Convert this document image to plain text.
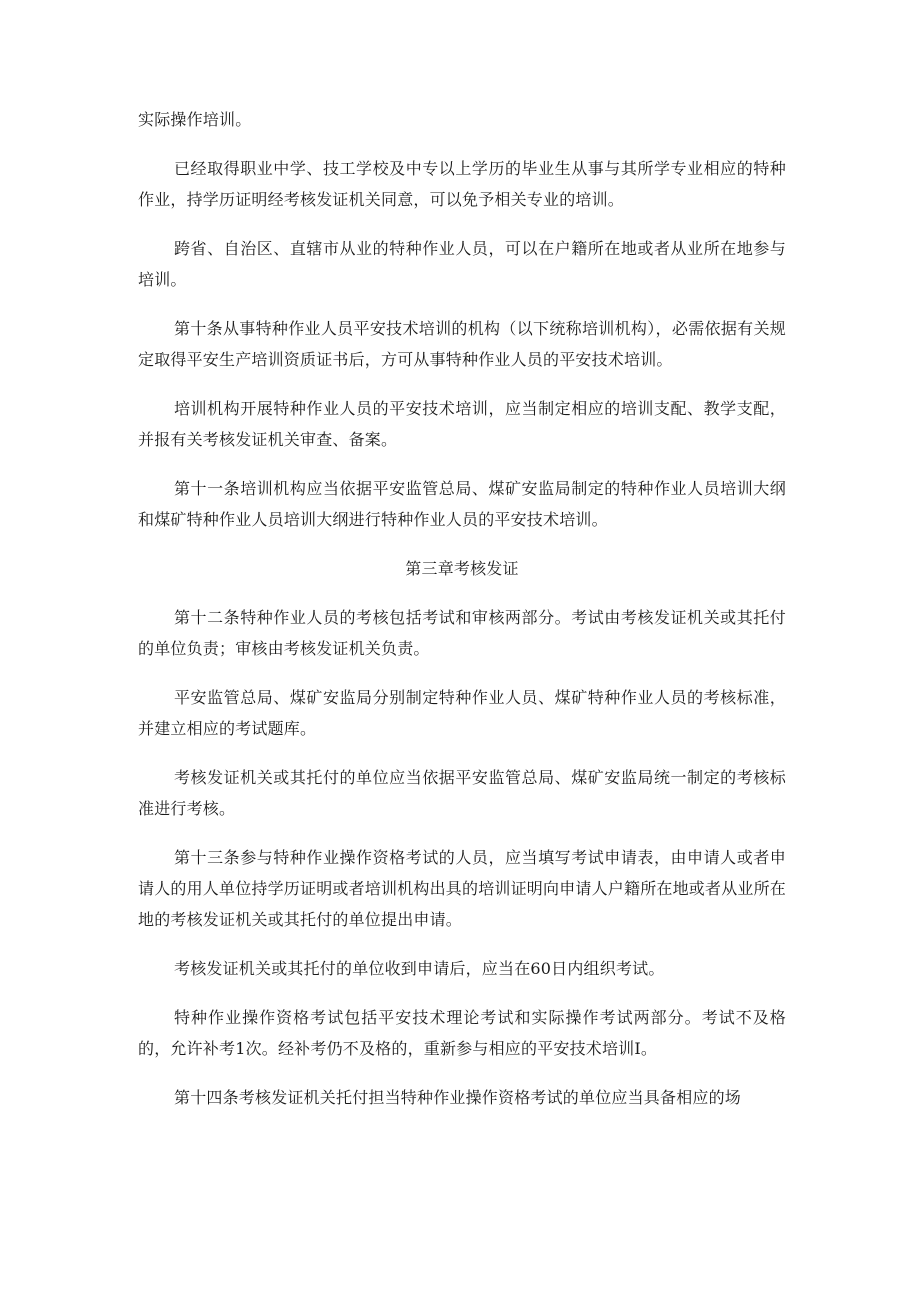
实际操作培训。

已经取得职业中学、技工学校及中专以上学历的毕业生从事与其所学专业相应的特种作业，持学历证明经考核发证机关同意，可以免予相关专业的培训。

跨省、自治区、直辖市从业的特种作业人员，可以在户籍所在地或者从业所在地参与培训。

第十条从事特种作业人员平安技术培训的机构（以下统称培训机构），必需依据有关规定取得平安生产培训资质证书后，方可从事特种作业人员的平安技术培训。

培训机构开展特种作业人员的平安技术培训，应当制定相应的培训支配、教学支配，并报有关考核发证机关审查、备案。

第十一条培训机构应当依据平安监管总局、煤矿安监局制定的特种作业人员培训大纲和煤矿特种作业人员培训大纲进行特种作业人员的平安技术培训。

第三章考核发证

第十二条特种作业人员的考核包括考试和审核两部分。考试由考核发证机关或其托付的单位负责；审核由考核发证机关负责。

平安监管总局、煤矿安监局分别制定特种作业人员、煤矿特种作业人员的考核标准，并建立相应的考试题库。

考核发证机关或其托付的单位应当依据平安监管总局、煤矿安监局统一制定的考核标准进行考核。

第十三条参与特种作业操作资格考试的人员，应当填写考试申请表，由申请人或者申请人的用人单位持学历证明或者培训机构出具的培训证明向申请人户籍所在地或者从业所在地的考核发证机关或其托付的单位提出申请。

考核发证机关或其托付的单位收到申请后，应当在60日内组织考试。

特种作业操作资格考试包括平安技术理论考试和实际操作考试两部分。考试不及格的，允许补考1次。经补考仍不及格的，重新参与相应的平安技术培训I。

第十四条考核发证机关托付担当特种作业操作资格考试的单位应当具备相应的场
